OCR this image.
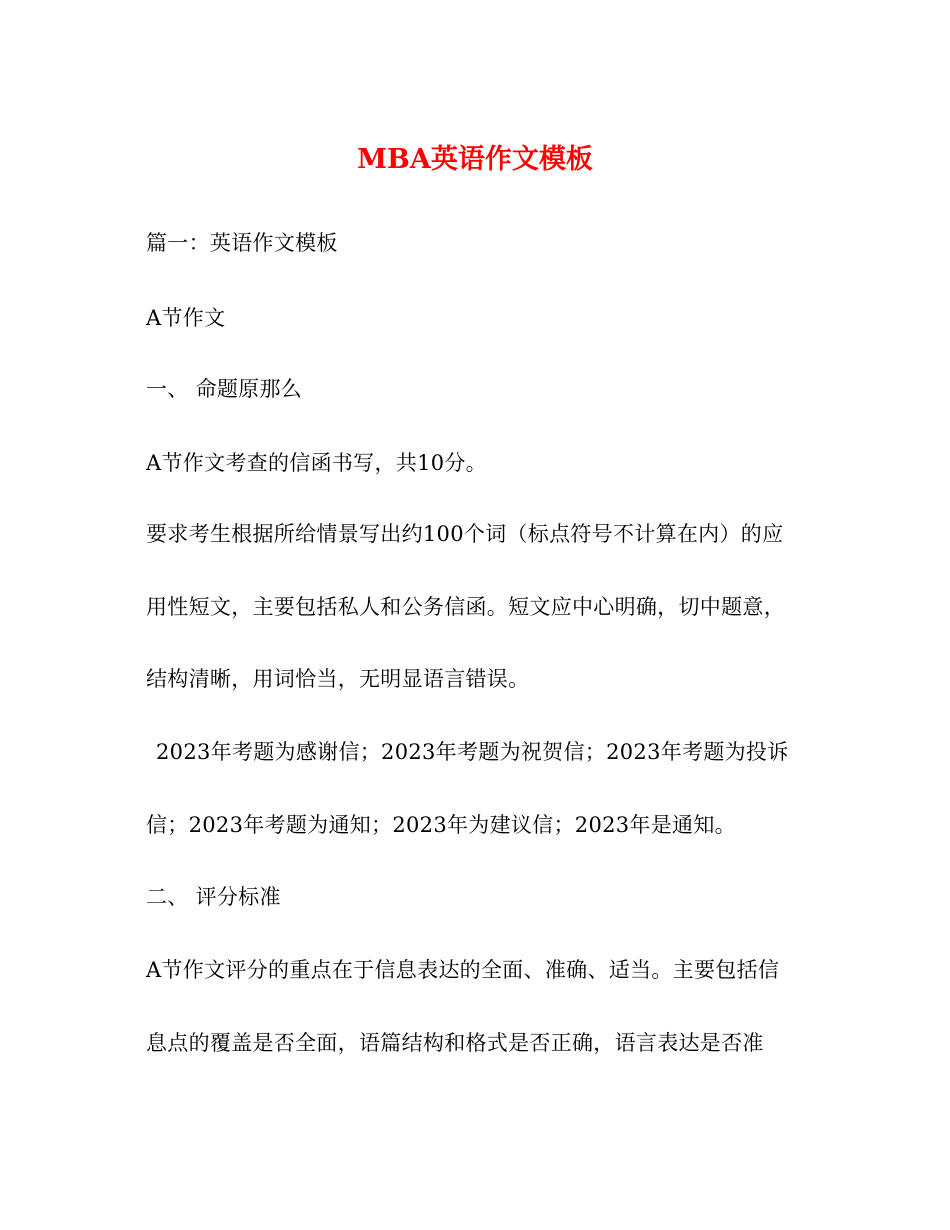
MBA英语作文模板
篇一：英语作文模板
A节作文
一、 命题原那么
A节作文考查的信函书写，共10分。
要求考生根据所给情景写出约100个词（标点符号不计算在内）的应
用性短文，主要包括私人和公务信函。短文应中心明确，切中题意，
结构清晰，用词恰当，无明显语言错误。
2023年考题为感谢信；2023年考题为祝贺信；2023年考题为投诉
信；2023年考题为通知；2023年为建议信；2023年是通知。
二、 评分标准
A节作文评分的重点在于信息表达的全面、准确、适当。主要包括信
息点的覆盖是否全面，语篇结构和格式是否正确，语言表达是否准
